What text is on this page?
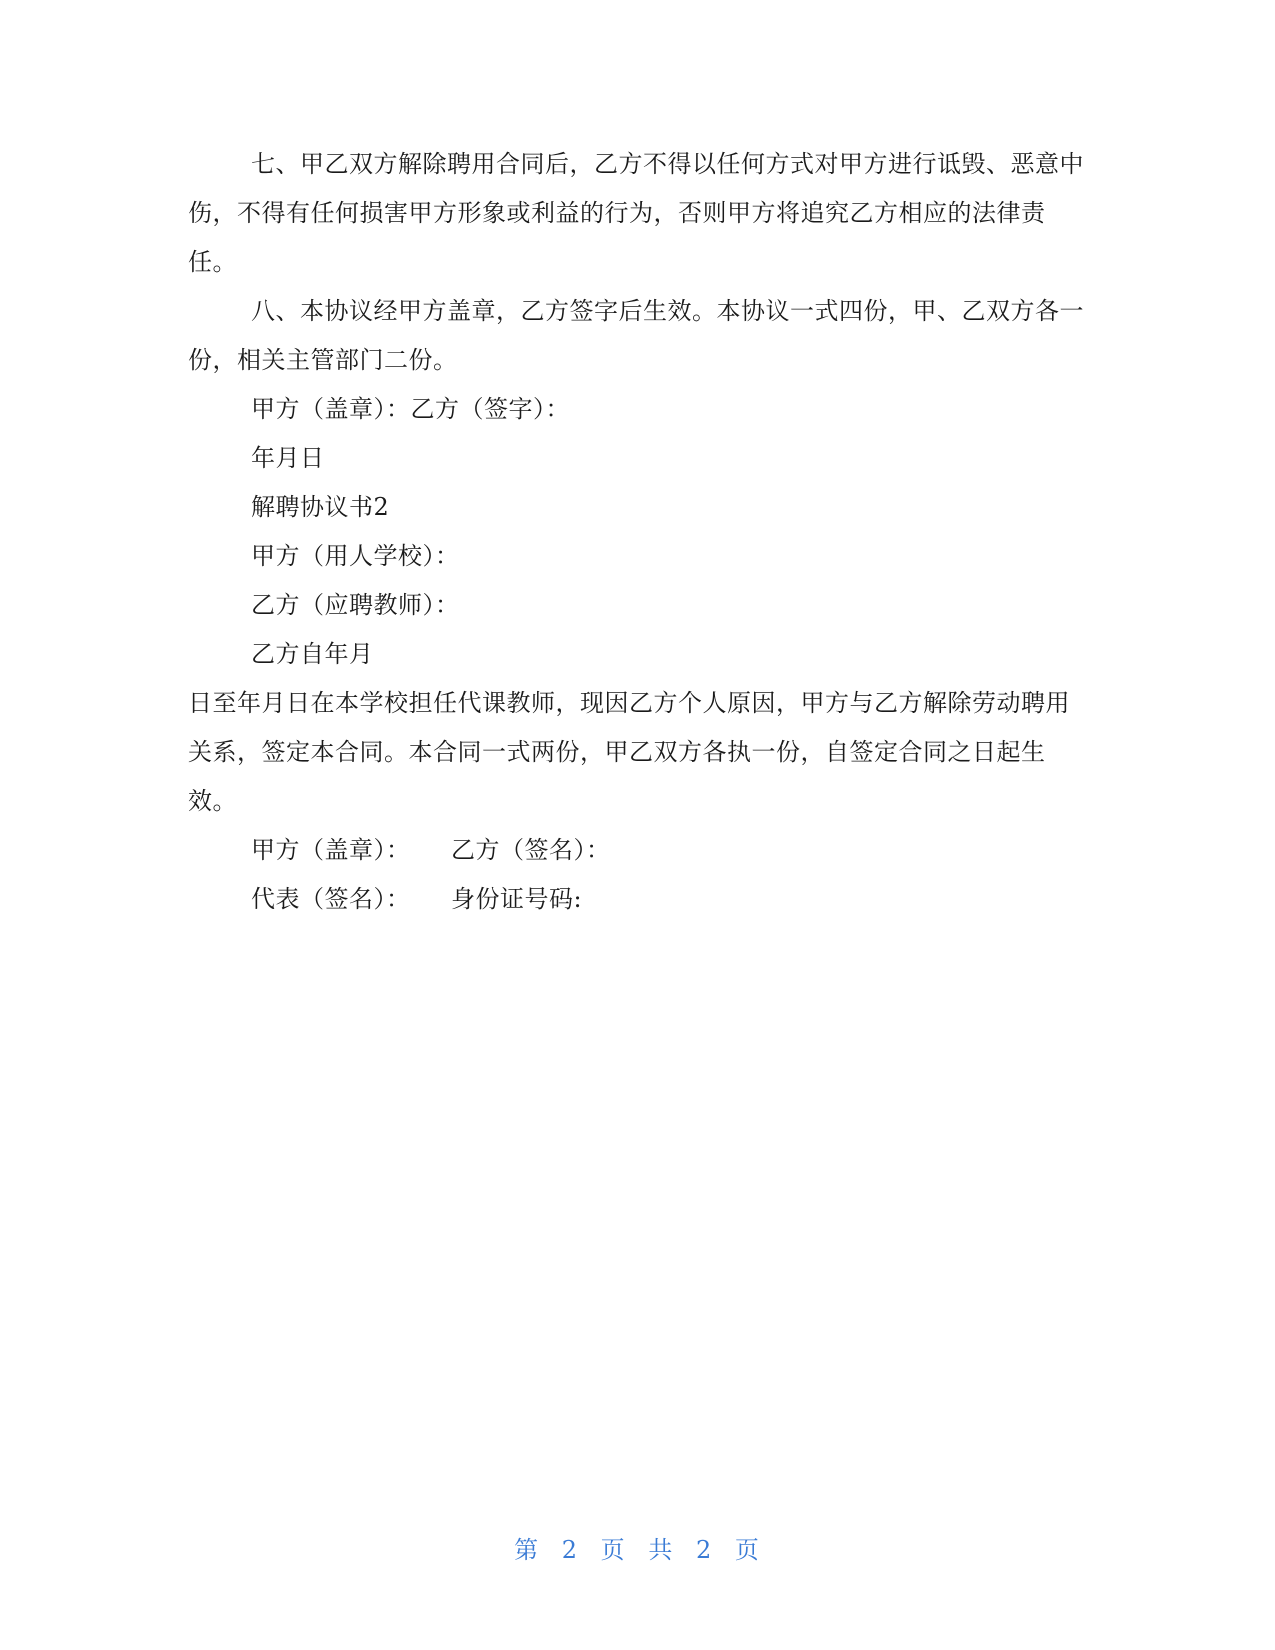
七、甲乙双方解除聘用合同后，乙方不得以任何方式对甲方进行诋毁、恶意中伤，不得有任何损害甲方形象或利益的行为，否则甲方将追究乙方相应的法律责任。

八、本协议经甲方盖章，乙方签字后生效。本协议一式四份，甲、乙双方各一份，相关主管部门二份。

甲方（盖章）：乙方（签字）：

年月日

解聘协议书2

甲方（用人学校）：

乙方（应聘教师）：

乙方自年月

日至年月日在本学校担任代课教师，现因乙方个人原因，甲方与乙方解除劳动聘用关系，签定本合同。本合同一式两份，甲乙双方各执一份，自签定合同之日起生效。

甲方（盖章）：	乙方（签名）：
代表（签名）：	身份证号码:
第 2 页 共 2 页
